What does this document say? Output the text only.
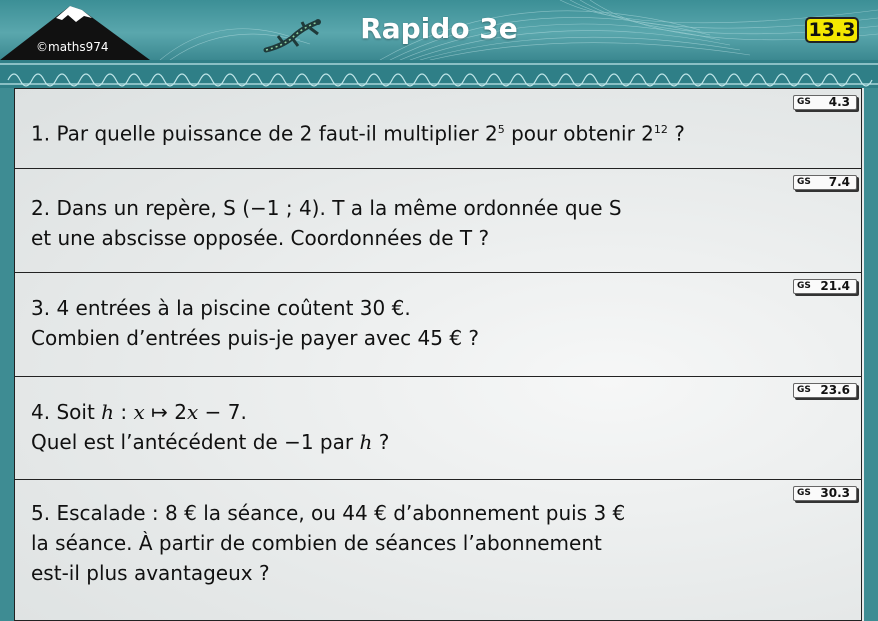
©maths974
Rapido 3e	13.3
GS 4.3
1. Par quelle puissance de 2 faut-il multiplier $2^5$ pour obtenir $2^{12}$ ?
GS 7.4
2. Dans un repère, S (−1 ; 4). T a la même ordonnée que S
et une abscisse opposée. Coordonnées de T ?
GS 21.4
3. 4 entrées à la piscine coûtent 30 €.
Combien d’entrées puis-je payer avec 45 € ?
GS 23.6
4. Soit h : x ↦ 2x − 7.
Quel est l’antécédent de −1 par h ?
GS 30.3
5. Escalade : 8 € la séance, ou 44 € d’abonnement puis 3 €
la séance. À partir de combien de séances l’abonnement
est-il plus avantageux ?
